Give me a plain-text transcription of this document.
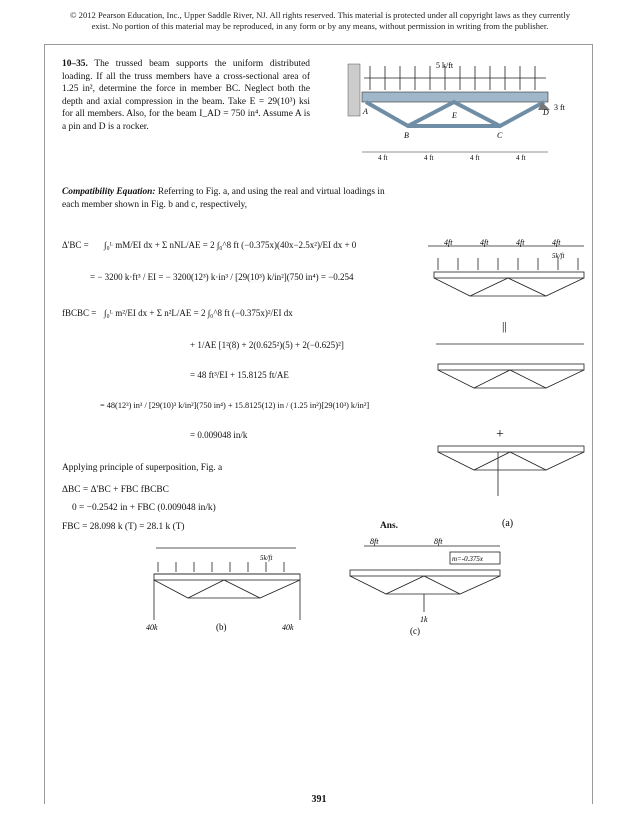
© 2012 Pearson Education, Inc., Upper Saddle River, NJ. All rights reserved. This material is protected under all copyright laws as they currently
exist. No portion of this material may be reproduced, in any form or by any means, without permission in writing from the publisher.
10–35. The trussed beam supports the uniform distributed loading. If all the truss members have a cross-sectional area of 1.25 in², determine the force in member BC. Neglect both the depth and axial compression in the beam. Take E = 29(10³) ksi for all members. Also, for the beam I_AD = 750 in⁴. Assume A is a pin and D is a rocker.
5 k/ft
3 ft
A
B	C
D
E
4 ft	4 ft	4 ft	4 ft
Compatibility Equation: Referring to Fig. a, and using the real and virtual loadings in each member shown in Fig. b and c, respectively,
Δ'BC = ∫₀ᴸ mM/EI dx + Σ nNL/AE = 2 ∫₀^8 ft (−0.375x)(40x−2.5x²)/EI dx + 0
= − 3200 k·ft³ / EI = − 3200(12³) k·in³ / [29(10³) k/in²](750 in⁴) = −0.254
fBCBC = ∫₀ᴸ m²/EI dx + Σ n²L/AE = 2 ∫₀^8 ft (−0.375x)²/EI dx
+ 1/AE [1²(8) + 2(0.625²)(5) + 2(−0.625)²]
= 48 ft³/EI + 15.8125 ft/AE
= 48(12³) in³ / [29(10)³ k/in²](750 in⁴) + 15.8125(12) in / (1.25 in²)[29(10³) k/in²]
= 0.009048 in/k
Applying principle of superposition, Fig. a
ΔBC = Δ'BC + FBC fBCBC
0 = −0.2542 in + FBC (0.009048 in/k)
FBC = 28.098 k (T) = 28.1 k (T)	Ans.
4ft	4ft	4ft	4ft
5k/ft
||
+
(a)
5k/ft
40k	40k
(b)
8ft	8ft
m=-0.375x
1k
(c)
391
